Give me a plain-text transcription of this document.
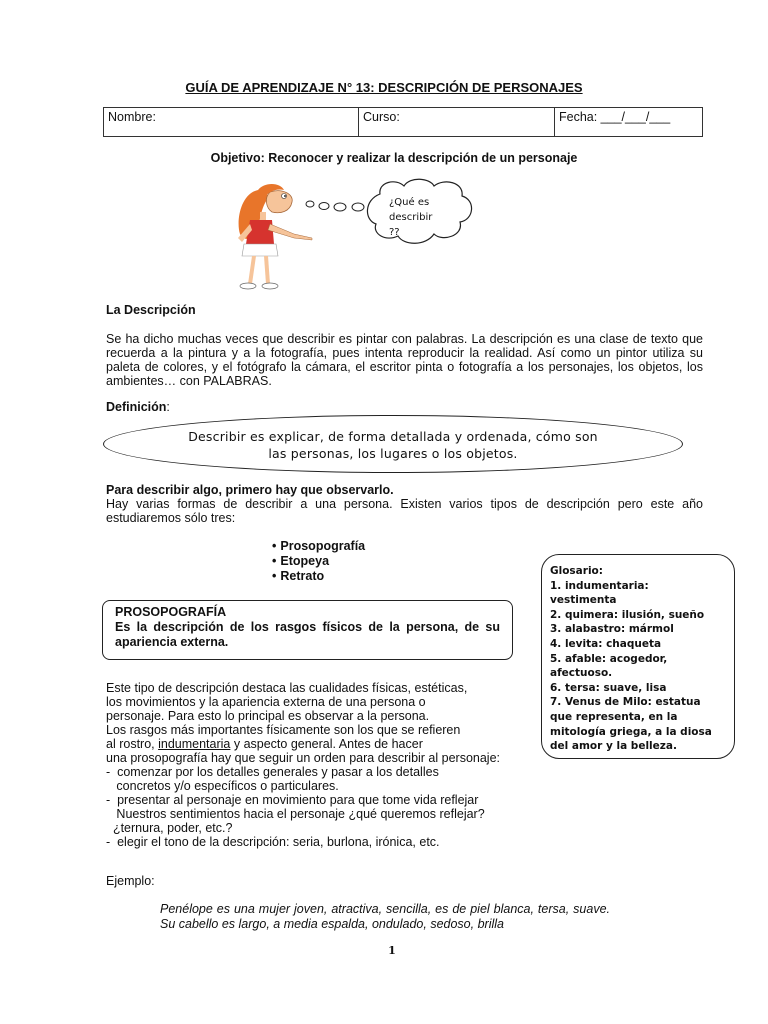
GUÍA DE APRENDIZAJE N° 13: DESCRIPCIÓN DE PERSONAJES
Nombre:	Curso:	Fecha: ___/___/___
Objetivo: Reconocer y realizar la descripción de un personaje
¿Qué es
describir
??
La Descripción
Se ha dicho muchas veces que describir es pintar con palabras. La descripción es una clase de texto que recuerda a la pintura y a la fotografía, pues intenta reproducir la realidad. Así como un pintor utiliza su paleta de colores, y el fotógrafo la cámara, el escritor pinta o fotografía a los personajes, los objetos, los ambientes… con PALABRAS.
Definición:
Describir es explicar, de forma detallada y ordenada, cómo son
las personas, los lugares o los objetos.
Para describir algo, primero hay que observarlo.
Hay varias formas de describir a una persona. Existen varios tipos de descripción pero este año estudiaremos sólo tres:
• Prosopografía
• Etopeya
• Retrato
PROSOPOGRAFÍA
Es la descripción de los rasgos físicos de la persona, de su apariencia externa.
Glosario:
1. indumentaria:
vestimenta
2. quimera: ilusión, sueño
3. alabastro: mármol
4. levita: chaqueta
5. afable: acogedor,
afectuoso.
6. tersa: suave, lisa
7. Venus de Milo: estatua
que representa, en la
mitología griega, a la diosa
del amor y la belleza.
Este tipo de descripción destaca las cualidades físicas, estéticas,
los movimientos y la apariencia externa de una persona o
personaje. Para esto lo principal es observar a la persona.
Los rasgos más importantes físicamente son los que se refieren
al rostro, indumentaria y aspecto general. Antes de hacer
una prosopografía hay que seguir un orden para describir al personaje:
-  comenzar por los detalles generales y pasar a los detalles
concretos y/o específicos o particulares.
-  presentar al personaje en movimiento para que tome vida reflejar
Nuestros sentimientos hacia el personaje ¿qué queremos reflejar?
¿ternura, poder, etc.?
-  elegir el tono de la descripción: seria, burlona, irónica, etc.
Ejemplo:
Penélope es una mujer joven, atractiva, sencilla, es de piel blanca, tersa, suave. Su cabello es largo, a media espalda, ondulado, sedoso, brilla
1
